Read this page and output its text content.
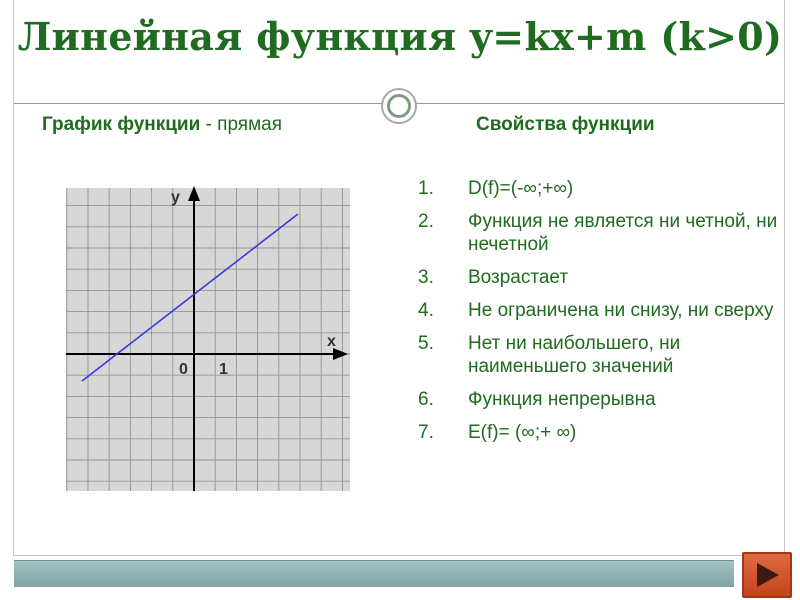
Линейная функция y=kx+m (k>0)
График функции - прямая	Свойства функции
y
x
0 1
1. D(f)=(-∞;+∞)
2. Функция не является ни четной, ни нечетной
3. Возрастает
4. Не ограничена ни снизу, ни сверху
5. Нет ни наибольшего, ни наименьшего значений
6. Функция непрерывна
7. E(f)= (∞;+ ∞)
